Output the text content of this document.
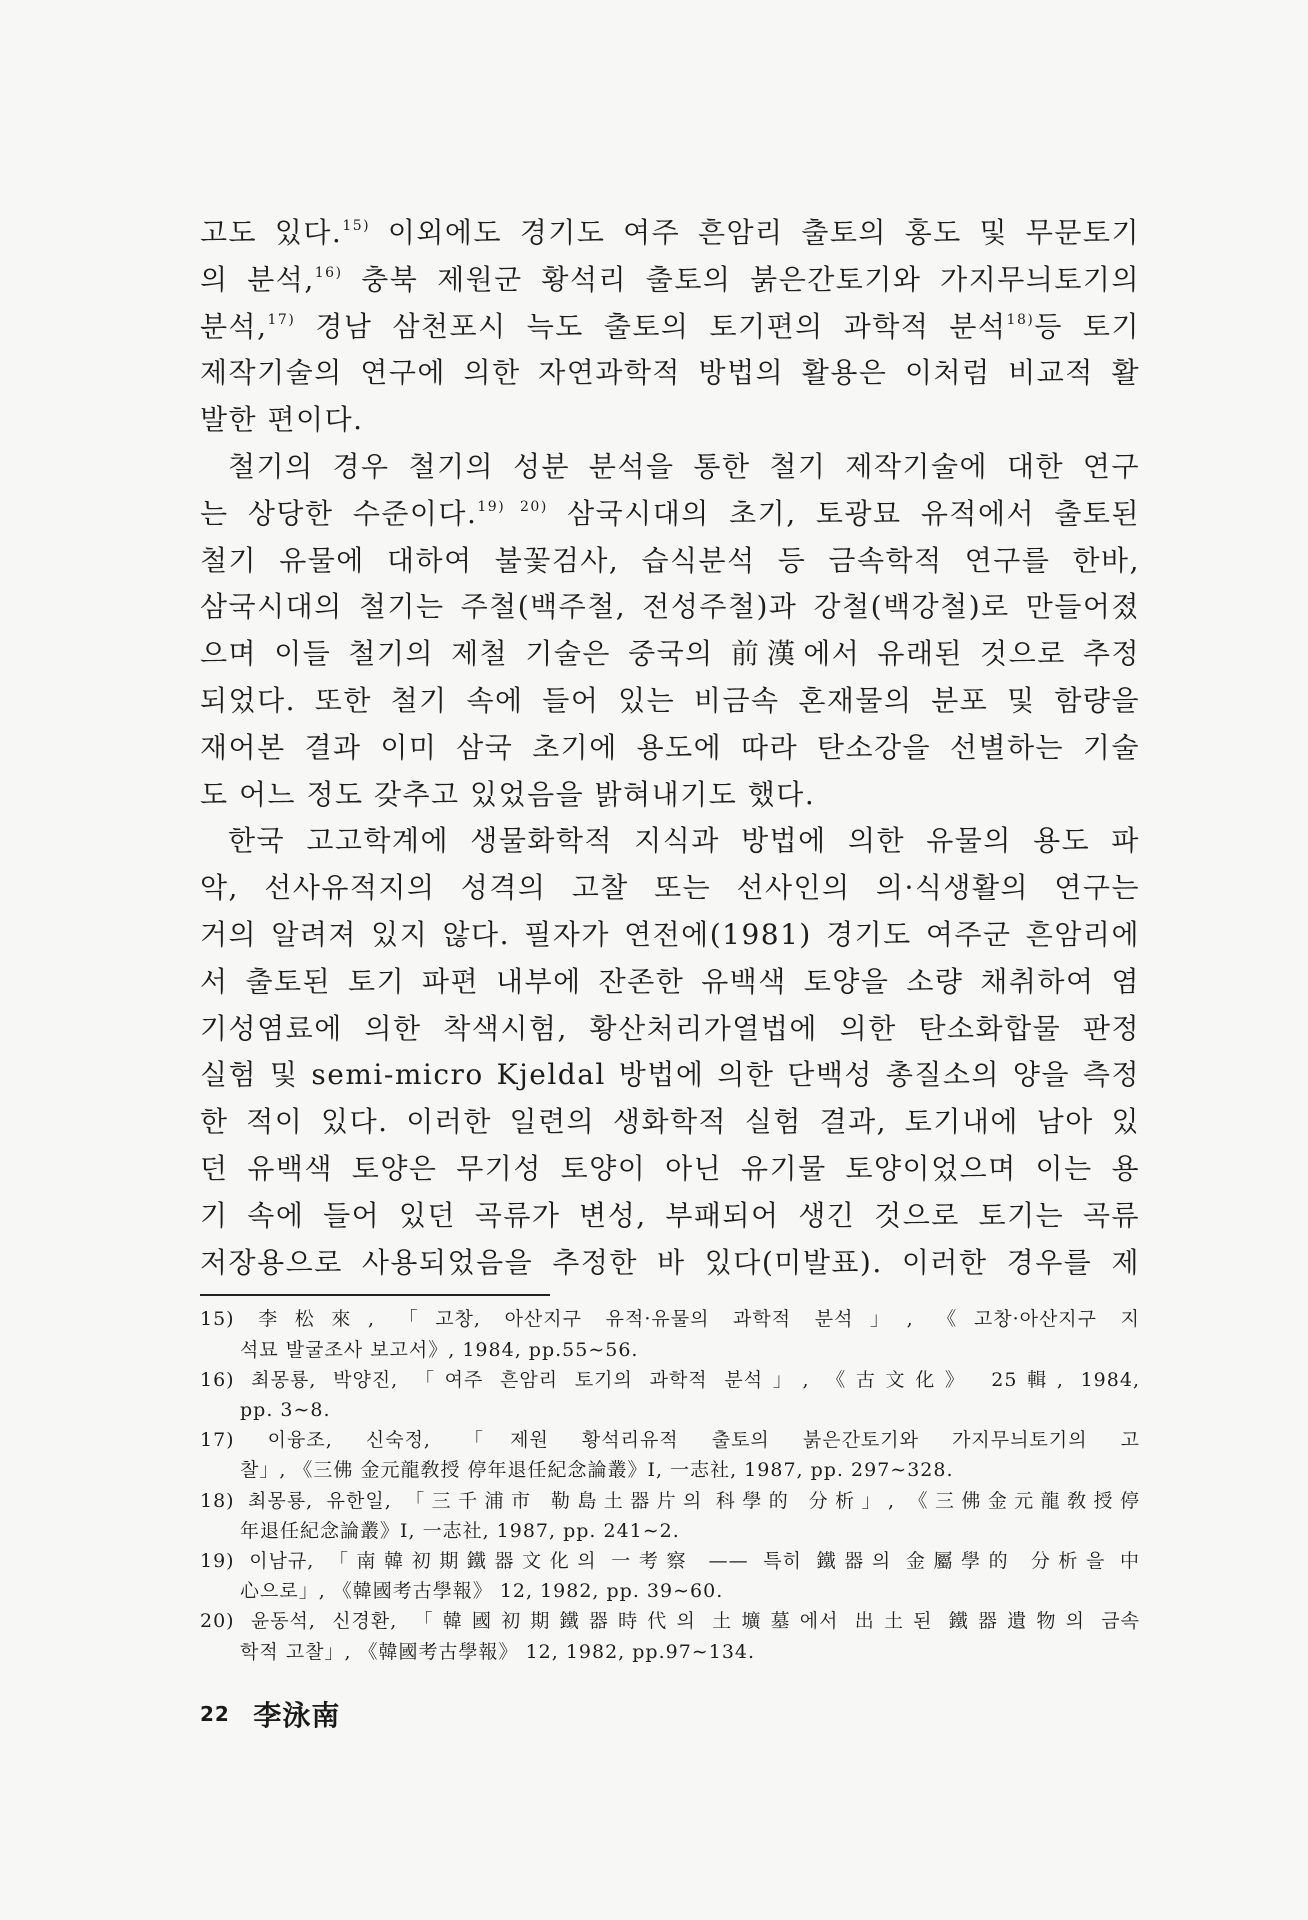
고도 있다.$^{15)}$ 이외에도 경기도 여주 흔암리 출토의 홍도 및 무문토기
의 분석,$^{16)}$ 충북 제원군 황석리 출토의 붉은간토기와 가지무늬토기의
분석,$^{17)}$ 경남 삼천포시 늑도 출토의 토기편의 과학적 분석$^{18)}$등 토기
제작기술의 연구에 의한 자연과학적 방법의 활용은 이처럼 비교적 활
발한 편이다.
철기의 경우 철기의 성분 분석을 통한 철기 제작기술에 대한 연구
는 상당한 수준이다.$^{19) 20)}$ 삼국시대의 초기, 토광묘 유적에서 출토된
철기 유물에 대하여 불꽃검사, 습식분석 등 금속학적 연구를 한바,
삼국시대의 철기는 주철(백주철, 전성주철)과 강철(백강철)로 만들어졌
으며 이들 철기의 제철 기술은 중국의 前漢에서 유래된 것으로 추정
되었다. 또한 철기 속에 들어 있는 비금속 혼재물의 분포 및 함량을
재어본 결과 이미 삼국 초기에 용도에 따라 탄소강을 선별하는 기술
도 어느 정도 갖추고 있었음을 밝혀내기도 했다.
한국 고고학계에 생물화학적 지식과 방법에 의한 유물의 용도 파
악, 선사유적지의 성격의 고찰 또는 선사인의 의·식생활의 연구는
거의 알려져 있지 않다. 필자가 연전에(1981) 경기도 여주군 흔암리에
서 출토된 토기 파편 내부에 잔존한 유백색 토양을 소량 채취하여 염
기성염료에 의한 착색시험, 황산처리가열법에 의한 탄소화합물 판정
실험 및 semi-micro Kjeldal 방법에 의한 단백성 총질소의 양을 측정
한 적이 있다. 이러한 일련의 생화학적 실험 결과, 토기내에 남아 있
던 유백색 토양은 무기성 토양이 아닌 유기물 토양이었으며 이는 용
기 속에 들어 있던 곡류가 변성, 부패되어 생긴 것으로 토기는 곡류
저장용으로 사용되었음을 추정한 바 있다(미발표). 이러한 경우를 제
15) 李松來, 「고창, 아산지구 유적·유물의 과학적 분석」, 《고창·아산지구 지
석묘 발굴조사 보고서》, 1984, pp.55∼56.
16) 최몽룡, 박양진, 「여주 흔암리 토기의 과학적 분석」, 《古文化》 25輯, 1984,
pp. 3∼8.
17) 이융조, 신숙정, 「제원 황석리유적 출토의 붉은간토기와 가지무늬토기의 고
찰」, 《三佛 金元龍敎授 停年退任紀念論叢》I, 一志社, 1987, pp. 297∼328.
18) 최몽룡, 유한일, 「三千浦市 勒島土器片의 科學的 分析」, 《三佛金元龍敎授停
年退任紀念論叢》I, 一志社, 1987, pp. 241∼2.
19) 이남규, 「南韓初期鐵器文化의 一考察 —— 특히 鐵器의 金屬學的 分析을 中
心으로」, 《韓國考古學報》 12, 1982, pp. 39∼60.
20) 윤동석, 신경환, 「韓國初期鐵器時代의 土壙墓에서 出土된 鐵器遺物의 금속
학적 고찰」, 《韓國考古學報》 12, 1982, pp.97∼134.
22 李泳南
